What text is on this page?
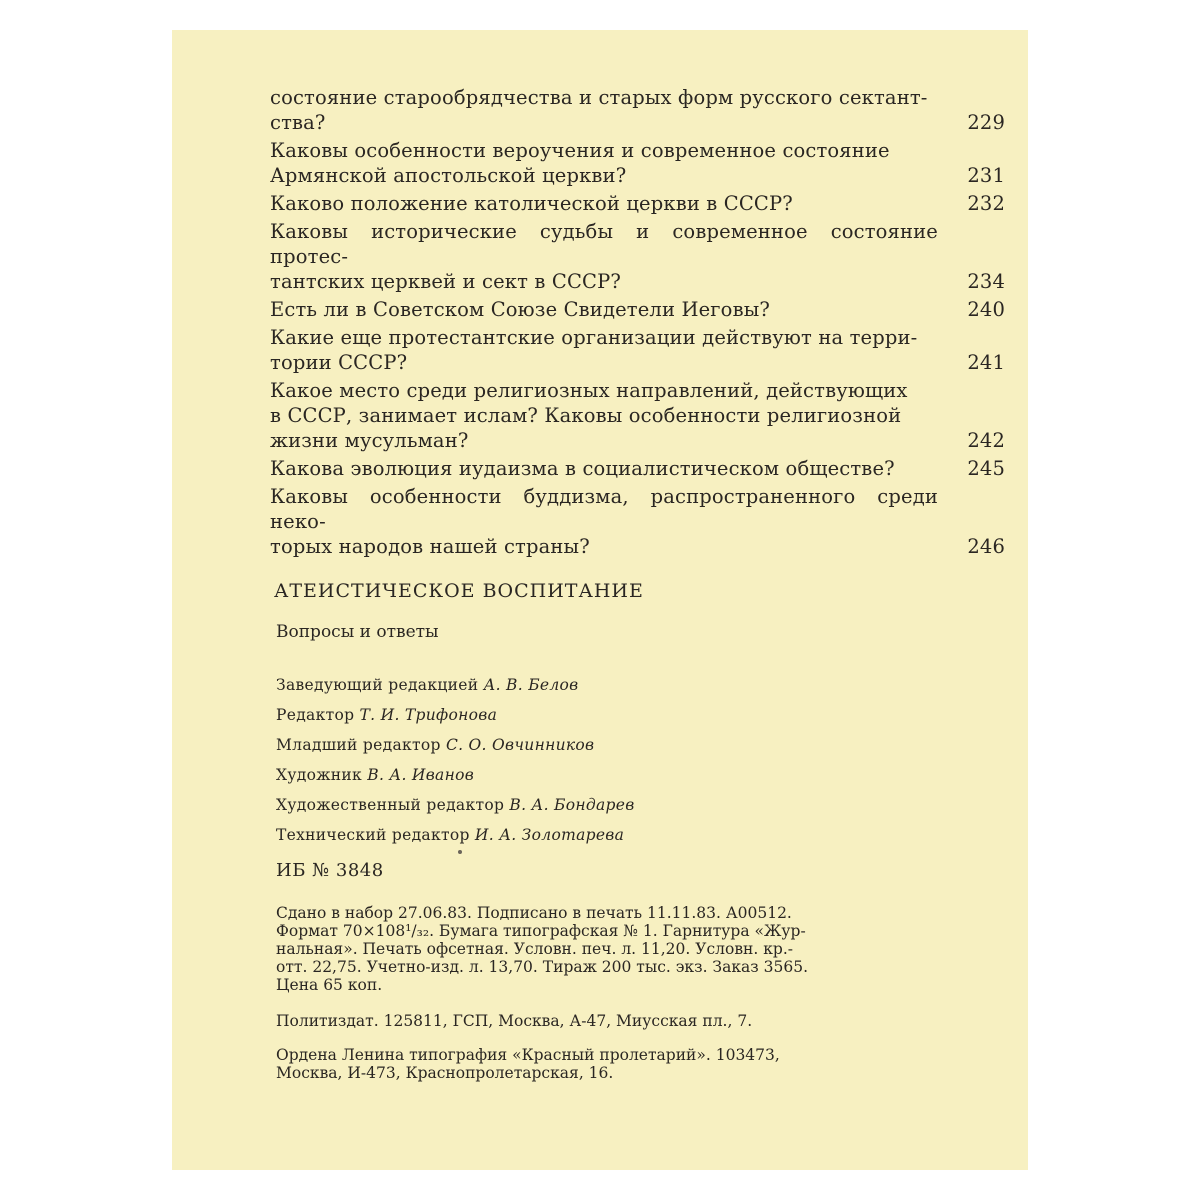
состояние старообрядчества и старых форм русского сектант-
ства?	229
Каковы особенности вероучения и современное состояние
Армянской апостольской церкви?	231
Каково положение католической церкви в СССР?	232
Каковы исторические судьбы и современное состояние протес-
тантских церквей и сект в СССР?	234
Есть ли в Советском Союзе Свидетели Иеговы?	240
Какие еще протестантские организации действуют на терри-
тории СССР?	241
Какое место среди религиозных направлений, действующих
в СССР, занимает ислам? Каковы особенности религиозной
жизни мусульман?	242
Какова эволюция иудаизма в социалистическом обществе?	245
Каковы особенности буддизма, распространенного среди неко-
торых народов нашей страны?	246
АТЕИСТИЧЕСКОЕ ВОСПИТАНИЕ
Вопросы и ответы
Заведующий редакцией А. В. Белов
Редактор Т. И. Трифонова
Младший редактор С. О. Овчинников
Художник В. А. Иванов
Художественный редактор В. А. Бондарев
Технический редактор И. А. Золотарева
ИБ № 3848
Сдано в набор 27.06.83. Подписано в печать 11.11.83. А00512.
Формат 70×108¹/₃₂. Бумага типографская № 1. Гарнитура «Жур-
нальная». Печать офсетная. Условн. печ. л. 11,20. Условн. кр.-
отт. 22,75. Учетно-изд. л. 13,70. Тираж 200 тыс. экз. Заказ 3565.
Цена 65 коп.
Политиздат. 125811, ГСП, Москва, А-47, Миусская пл., 7.
Ордена Ленина типография «Красный пролетарий». 103473,
Москва, И-473, Краснопролетарская, 16.
